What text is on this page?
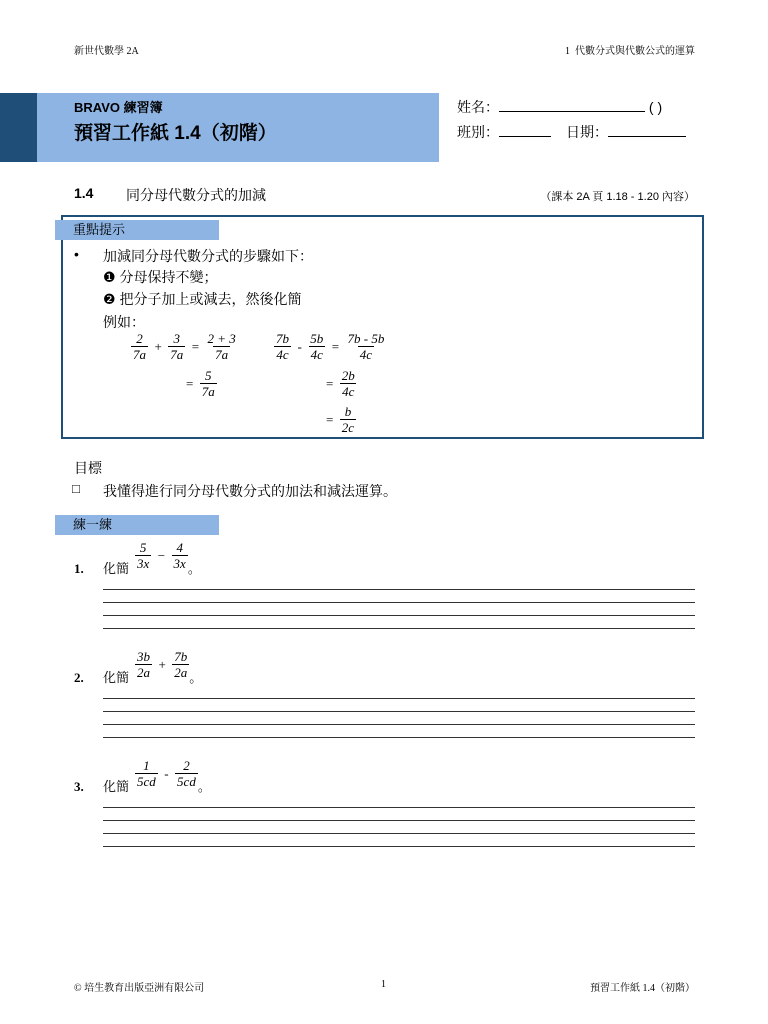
新世代數學 2A	1 代數分式與代數公式的運算
BRAVO 練習簿
預習工作紙 1.4（初階）
姓名：	( )
班別：	日期：
1.4 同分母代數分式的加減	（課本 2A 頁 1.18 - 1.20 內容）
重點提示
• 加減同分母代數分式的步驟如下：
❶ 分母保持不變；
❷ 把分子加上或減去，然後化簡
例如：
$\frac{2}{7a} + \frac{3}{7a} = \frac{2 + 3}{7a}$
= $\frac{5}{7a}$
$\frac{7b}{4c} - \frac{5b}{4c} = \frac{7b - 5b}{4c}$
= $\frac{2b}{4c}$
= $\frac{b}{2c}$
目標
□ 我懂得進行同分母代數分式的加法和減法運算。
練一練
1.	化簡 $\frac{5}{3x} - \frac{4}{3x}$ 。
2.	化簡 $\frac{3b}{2a} + \frac{7b}{2a}$ 。
3.	化簡 $\frac{1}{5cd} - \frac{2}{5cd}$ 。
© 培生教育出版亞洲有限公司	1	預習工作紙 1.4（初階）
